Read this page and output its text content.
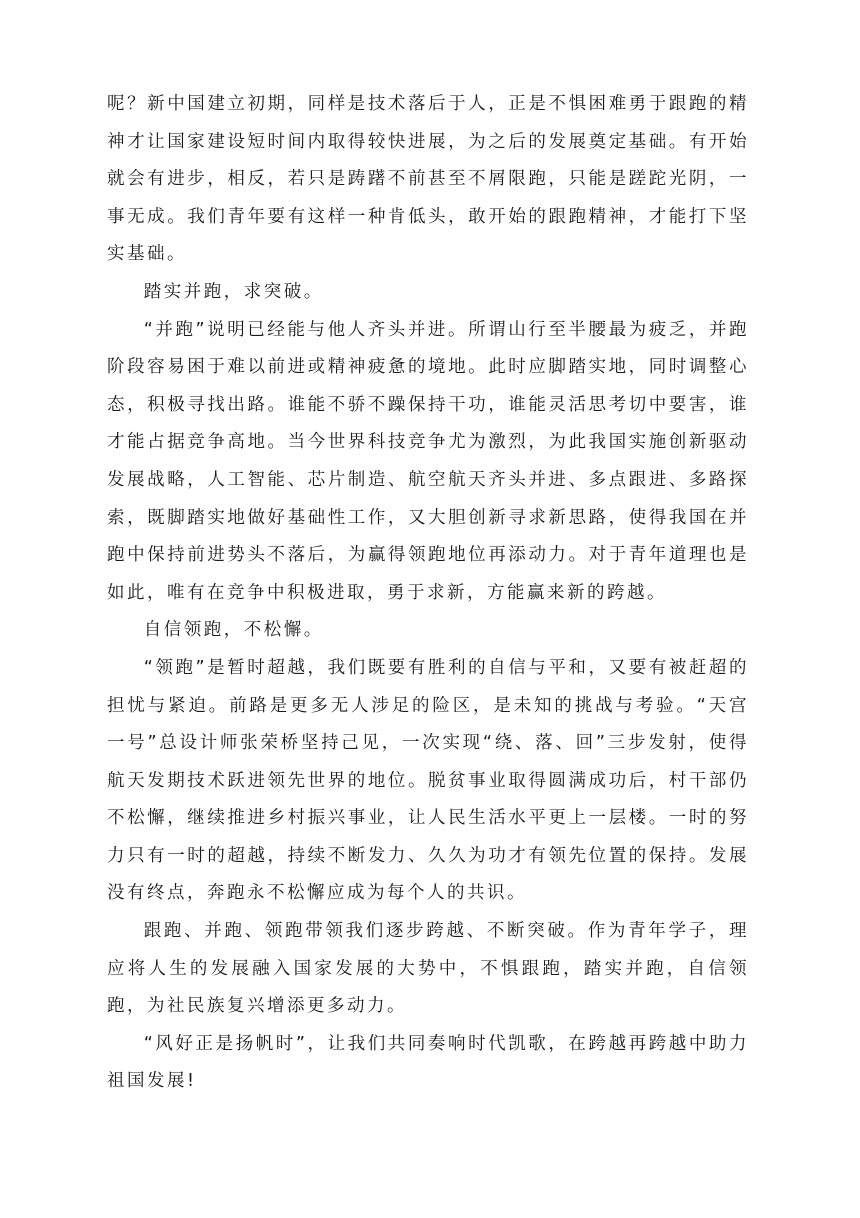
呢？新中国建立初期，同样是技术落后于人，正是不惧困难勇于跟跑的精神才让国家建设短时间内取得较快进展，为之后的发展奠定基础。有开始就会有进步，相反，若只是踌躇不前甚至不屑限跑，只能是蹉跎光阴，一事无成。我们青年要有这样一种肯低头，敢开始的跟跑精神，才能打下坚实基础。

踏实并跑，求突破。

“并跑”说明已经能与他人齐头并进。所谓山行至半腰最为疲乏，并跑阶段容易困于难以前进或精神疲惫的境地。此时应脚踏实地，同时调整心态，积极寻找出路。谁能不骄不躁保持干功，谁能灵活思考切中要害，谁才能占据竞争高地。当今世界科技竞争尤为激烈，为此我国实施创新驱动发展战略，人工智能、芯片制造、航空航天齐头并进、多点跟进、多路探索，既脚踏实地做好基础性工作，又大胆创新寻求新思路，使得我国在并跑中保持前进势头不落后，为赢得领跑地位再添动力。对于青年道理也是如此，唯有在竞争中积极进取，勇于求新，方能赢来新的跨越。

自信领跑，不松懈。

“领跑”是暂时超越，我们既要有胜利的自信与平和，又要有被赶超的担忧与紧迫。前路是更多无人涉足的险区，是未知的挑战与考验。“天宫一号”总设计师张荣桥坚持己见，一次实现“绕、落、回”三步发射，使得航天发期技术跃进领先世界的地位。脱贫事业取得圆满成功后，村干部仍不松懈，继续推进乡村振兴事业，让人民生活水平更上一层楼。一时的努力只有一时的超越，持续不断发力、久久为功才有领先位置的保持。发展没有终点，奔跑永不松懈应成为每个人的共识。

跟跑、并跑、领跑带领我们逐步跨越、不断突破。作为青年学子，理应将人生的发展融入国家发展的大势中，不惧跟跑，踏实并跑，自信领跑，为社民族复兴增添更多动力。

“风好正是扬帆时”，让我们共同奏响时代凯歌，在跨越再跨越中助力祖国发展!
